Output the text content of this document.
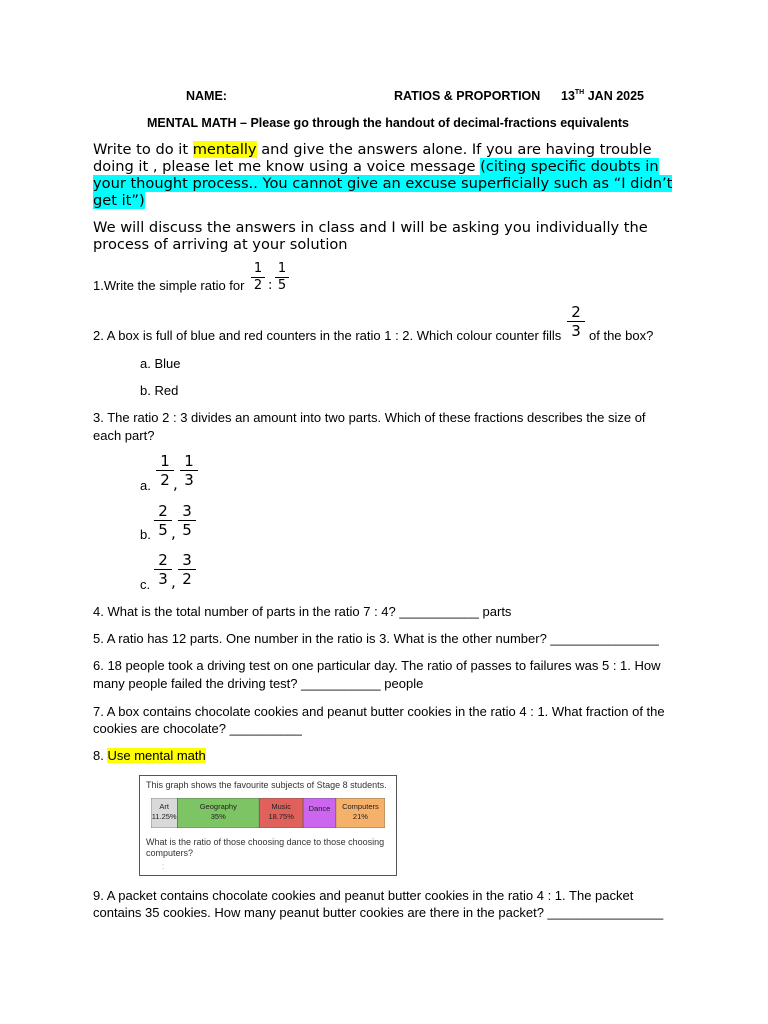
NAME:	RATIOS & PROPORTION 13TH JAN 2025
MENTAL MATH – Please go through the handout of decimal-fractions equivalents
Write to do it mentally and give the answers alone. If you are having trouble
doing it , please let me know using a voice message (citing specific doubts in
your thought process.. You cannot give an excuse superficially such as “I didn’t
get it”)
We will discuss the answers in class and I will be asking you individually the
process of arriving at your solution
1.Write the simple ratio for
1
2 :
1
5
2. A box is full of blue and red counters in the ratio 1 : 2. Which colour counter fills
2
3 of the box?
a. Blue
b. Red
3. The ratio 2 : 3 divides an amount into two parts. Which of these fractions describes the size of
each part?
a.
1
2 ,
1
3
b.
2
5 ,
3
5
c.
2
3 ,
3
2
4. What is the total number of parts in the ratio 7 : 4? ___________ parts
5. A ratio has 12 parts. One number in the ratio is 3. What is the other number? _______________
6. 18 people took a driving test on one particular day. The ratio of passes to failures was 5 : 1. How
many people failed the driving test? ___________ people
7. A box contains chocolate cookies and peanut butter cookies in the ratio 4 : 1. What fraction of the
cookies are chocolate? __________
8. Use mental math
This graph shows the favourite subjects of Stage 8 students.
Art
11.25%
Geography
35%
Music
18.75%
Dance Computers
21%
What is the ratio of those choosing dance to those choosing computers?
:
9. A packet contains chocolate cookies and peanut butter cookies in the ratio 4 : 1. The packet
contains 35 cookies. How many peanut butter cookies are there in the packet? ________________
